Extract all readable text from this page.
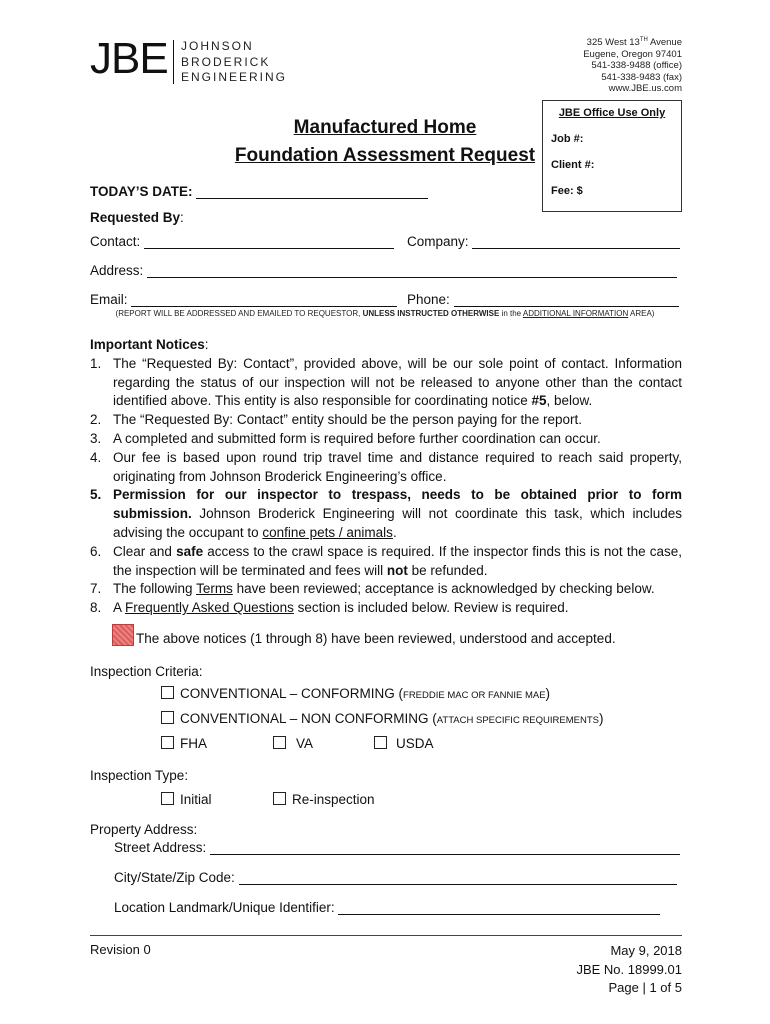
JBE JOHNSON
BRODERICK
ENGINEERING
325 West 13TH Avenue
Eugene, Oregon 97401
541-338-9488 (office)
541-338-9483 (fax)
www.JBE.us.com
JBE Office Use Only
Job #:
Client #:
Fee: $
Manufactured Home
Foundation Assessment Request
TODAY’S DATE:
Requested By:
Contact:	Company:
Address:
Email:	Phone:
(REPORT WILL BE ADDRESSED AND EMAILED TO REQUESTOR, UNLESS INSTRUCTED OTHERWISE in the ADDITIONAL INFORMATION AREA)
Important Notices:
1. The “Requested By: Contact”, provided above, will be our sole point of contact. Information regarding the status of our inspection will not be released to anyone other than the contact identified above. This entity is also responsible for coordinating notice #5, below.
2. The “Requested By: Contact” entity should be the person paying for the report.
3. A completed and submitted form is required before further coordination can occur.
4. Our fee is based upon round trip travel time and distance required to reach said property, originating from Johnson Broderick Engineering’s office.
5. Permission for our inspector to trespass, needs to be obtained prior to form submission. Johnson Broderick Engineering will not coordinate this task, which includes advising the occupant to confine pets / animals.
6. Clear and safe access to the crawl space is required. If the inspector finds this is not the case, the inspection will be terminated and fees will not be refunded.
7. The following Terms have been reviewed; acceptance is acknowledged by checking below.
8. A Frequently Asked Questions section is included below. Review is required.
The above notices (1 through 8) have been reviewed, understood and accepted.
Inspection Criteria:
CONVENTIONAL – CONFORMING (FREDDIE MAC OR FANNIE MAE)
CONVENTIONAL – NON CONFORMING (ATTACH SPECIFIC REQUIREMENTS)
FHA	VA	USDA
Inspection Type:
Initial	Re-inspection
Property Address:
Street Address:
City/State/Zip Code:
Location Landmark/Unique Identifier:
Revision 0	May 9, 2018
JBE No. 18999.01
Page | 1 of 5
